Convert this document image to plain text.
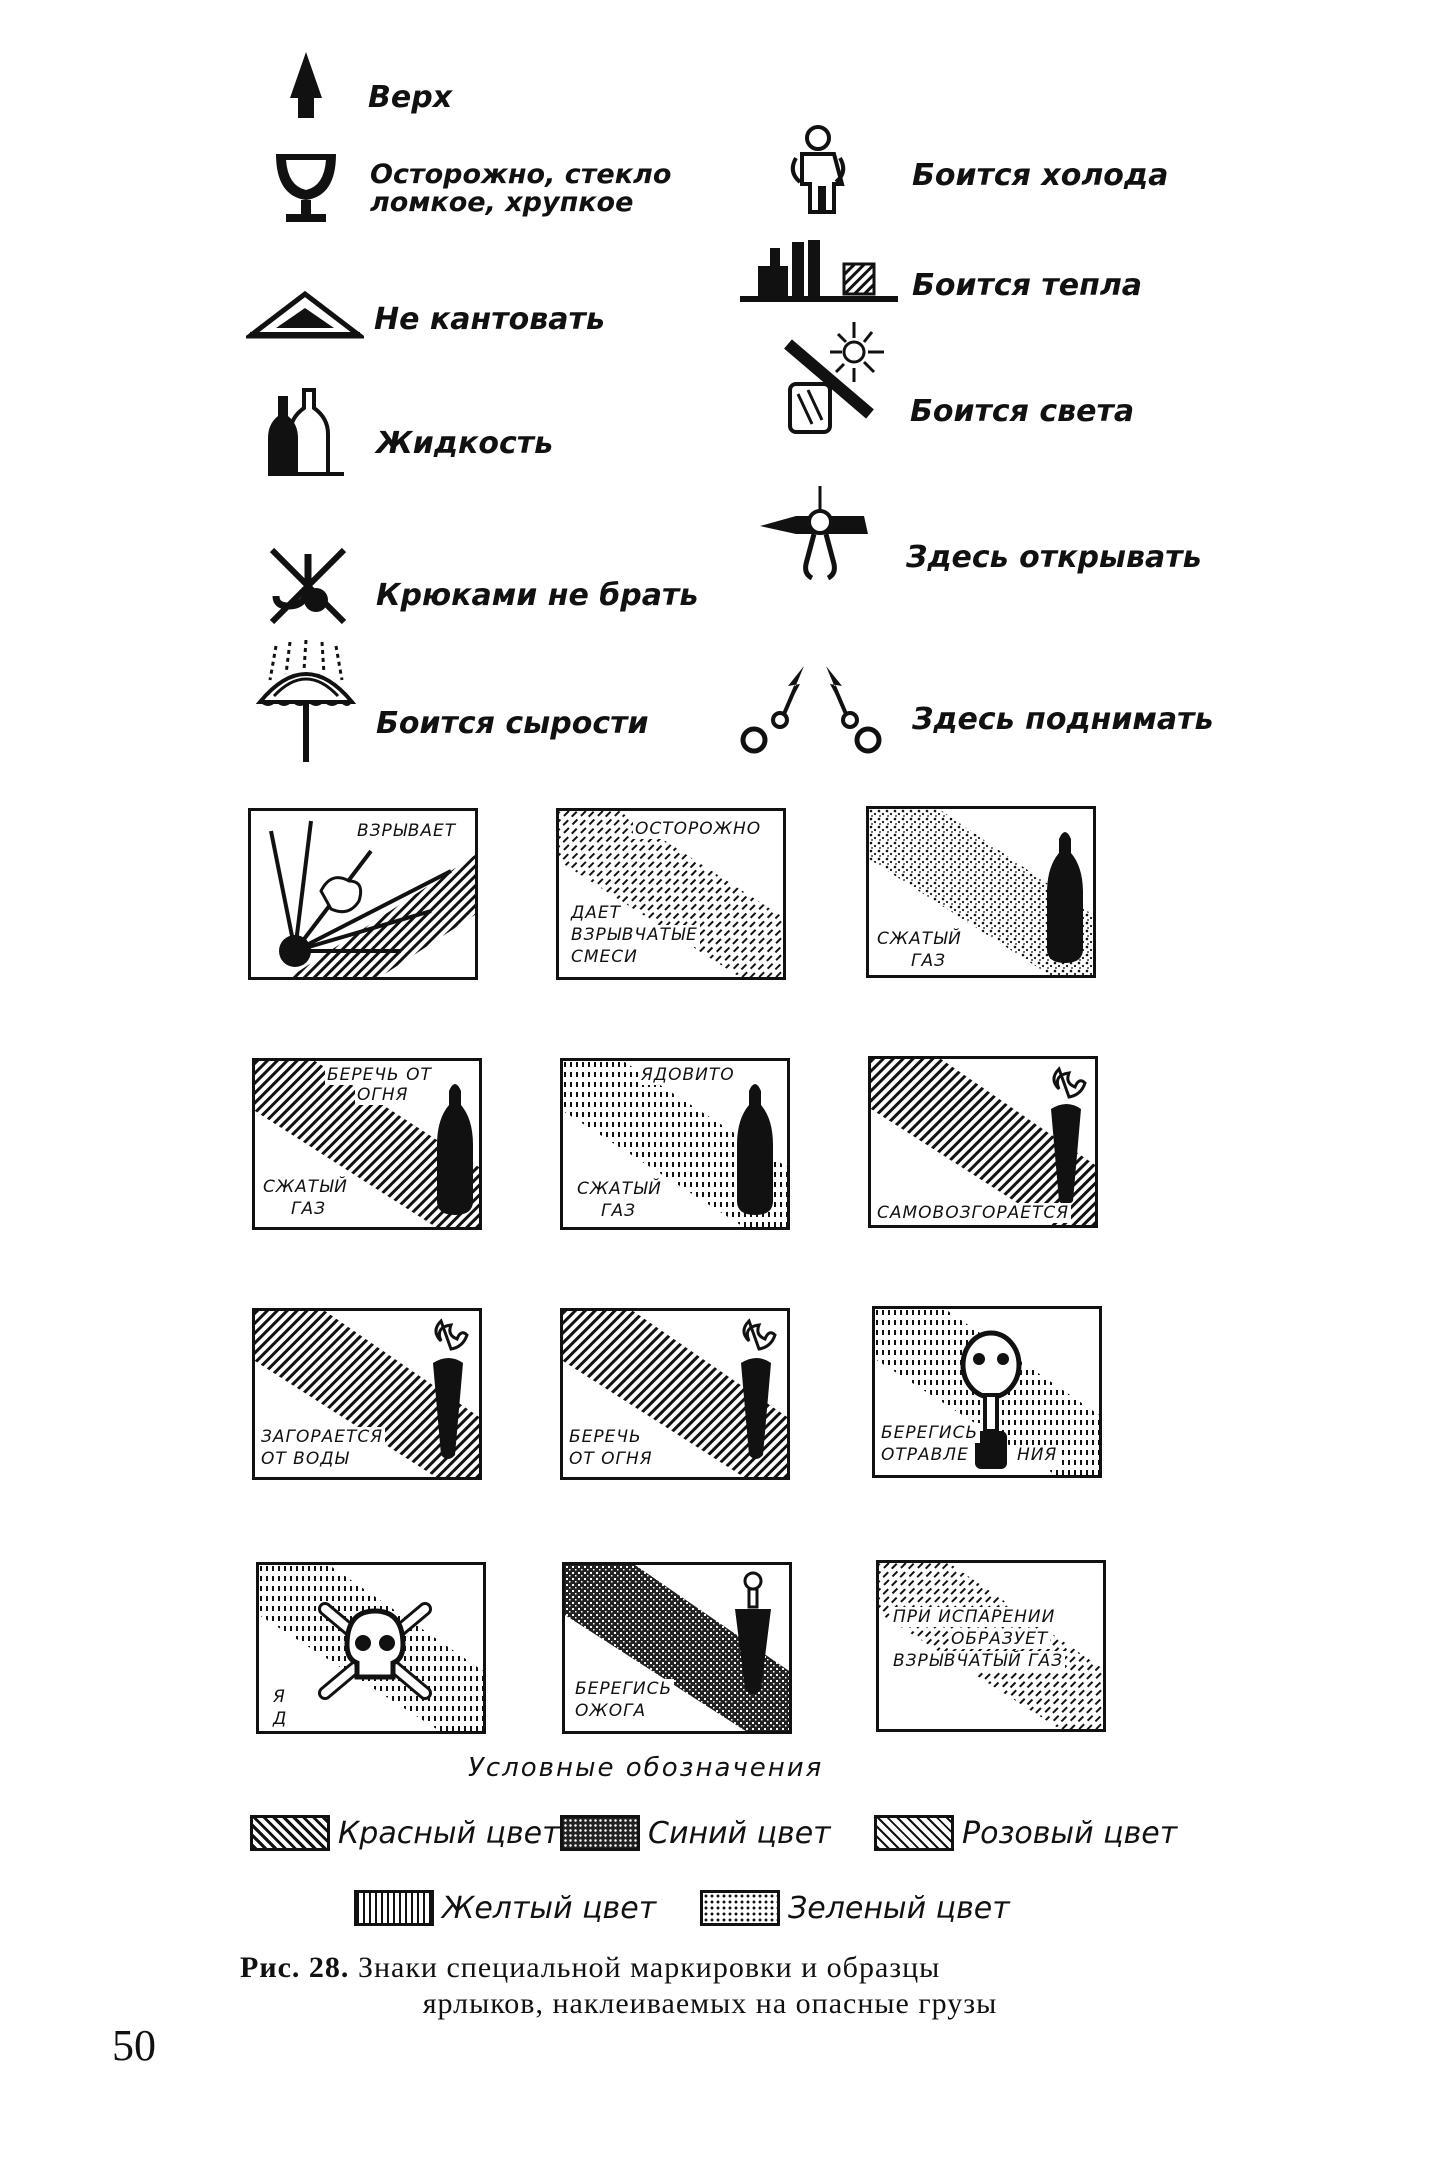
Верх
Осторожно, стекло
ломкое, хрупкое
Не кантовать
Жидкость
Крюками не брать
Боится сырости
Боится холода
Боится тепла
Боится света
Здесь открывать
Здесь поднимать
ВЗРЫВАЕТ	ОСТОРОЖНО
ДАЕТ
ВЗРЫВЧАТЫЕ
СМЕСИ
СЖАТЫЙ
ГАЗ
БЕРЕЧЬ ОТ
ОГНЯ
СЖАТЫЙ
ГАЗ
ЯДОВИТО
СЖАТЫЙ
ГАЗ	САМОВОЗГОРАЕТСЯ
ЗАГОРАЕТСЯ
ОТ ВОДЫ
БЕРЕЧЬ
ОТ ОГНЯ
БЕРЕГИСЬ
ОТРАВЛЕ	НИЯ
Я
Д
БЕРЕГИСЬ
ОЖОГА
ПРИ ИСПАРЕНИИ
ОБРАЗУЕТ
ВЗРЫВЧАТЫЙ ГАЗ
Условные обозначения
Красный цвет	Синий цвет	Розовый цвет
Желтый цвет	Зеленый цвет
Рис. 28. Знаки специальной маркировки и образцы
ярлыков, наклеиваемых на опасные грузы
50
